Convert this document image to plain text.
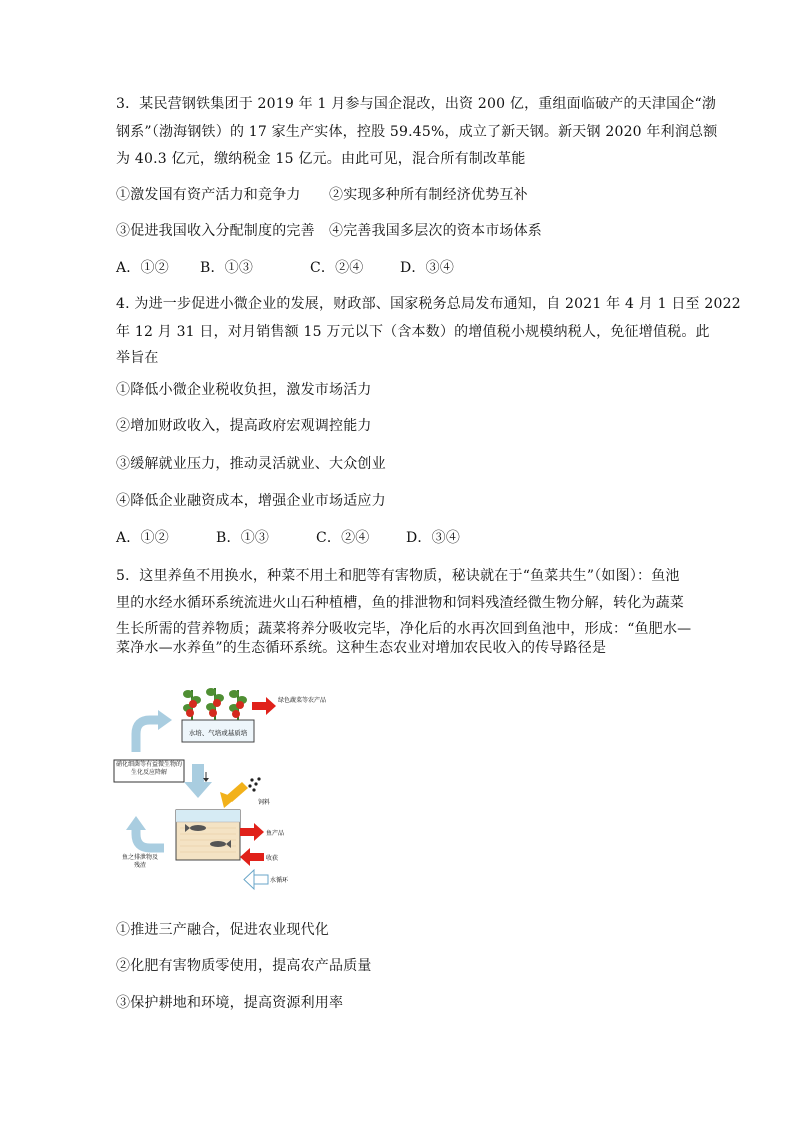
3．某民营钢铁集团于 2019 年 1 月参与国企混改，出资 200 亿，重组面临破产的天津国企“渤
钢系”（渤海钢铁）的 17 家生产实体，控股 59.45%，成立了新天钢。新天钢 2020 年利润总额
为 40.3 亿元，缴纳税金 15 亿元。由此可见，混合所有制改革能
①激发国有资产活力和竞争力　　②实现多种所有制经济优势互补
③促进我国收入分配制度的完善　④完善我国多层次的资本市场体系
A．①② B．①③	C．②④	D．③④
4. 为进一步促进小微企业的发展，财政部、国家税务总局发布通知，自 2021 年 4 月 1 日至 2022
年 12 月 31 日，对月销售额 15 万元以下（含本数）的增值税小规模纳税人，免征增值税。此
举旨在
①降低小微企业税收负担，激发市场活力
②增加财政收入，提高政府宏观调控能力
③缓解就业压力，推动灵活就业、大众创业
④降低企业融资成本，增强企业市场适应力
A．①②	B．①③	C．②④	D．③④
5．这里养鱼不用换水，种菜不用土和肥等有害物质，秘诀就在于“鱼菜共生”（如图）：鱼池
里的水经水循环系统流进火山石种植槽，鱼的排泄物和饲料残渣经微生物分解，转化为蔬菜
生长所需的营养物质；蔬菜将养分吸收完毕，净化后的水再次回到鱼池中，形成：“鱼肥水—
菜净水—水养鱼”的生态循环系统。这种生态农业对增加农民收入的传导路径是
水培、气培或基质培
绿色蔬菜等农产品
硝化细菌等有益微生物的生化反应降解
饲料
鱼产品
收获
鱼之排泄物及残渣
水循环
①推进三产融合，促进农业现代化
②化肥有害物质零使用，提高农产品质量
③保护耕地和环境，提高资源利用率
